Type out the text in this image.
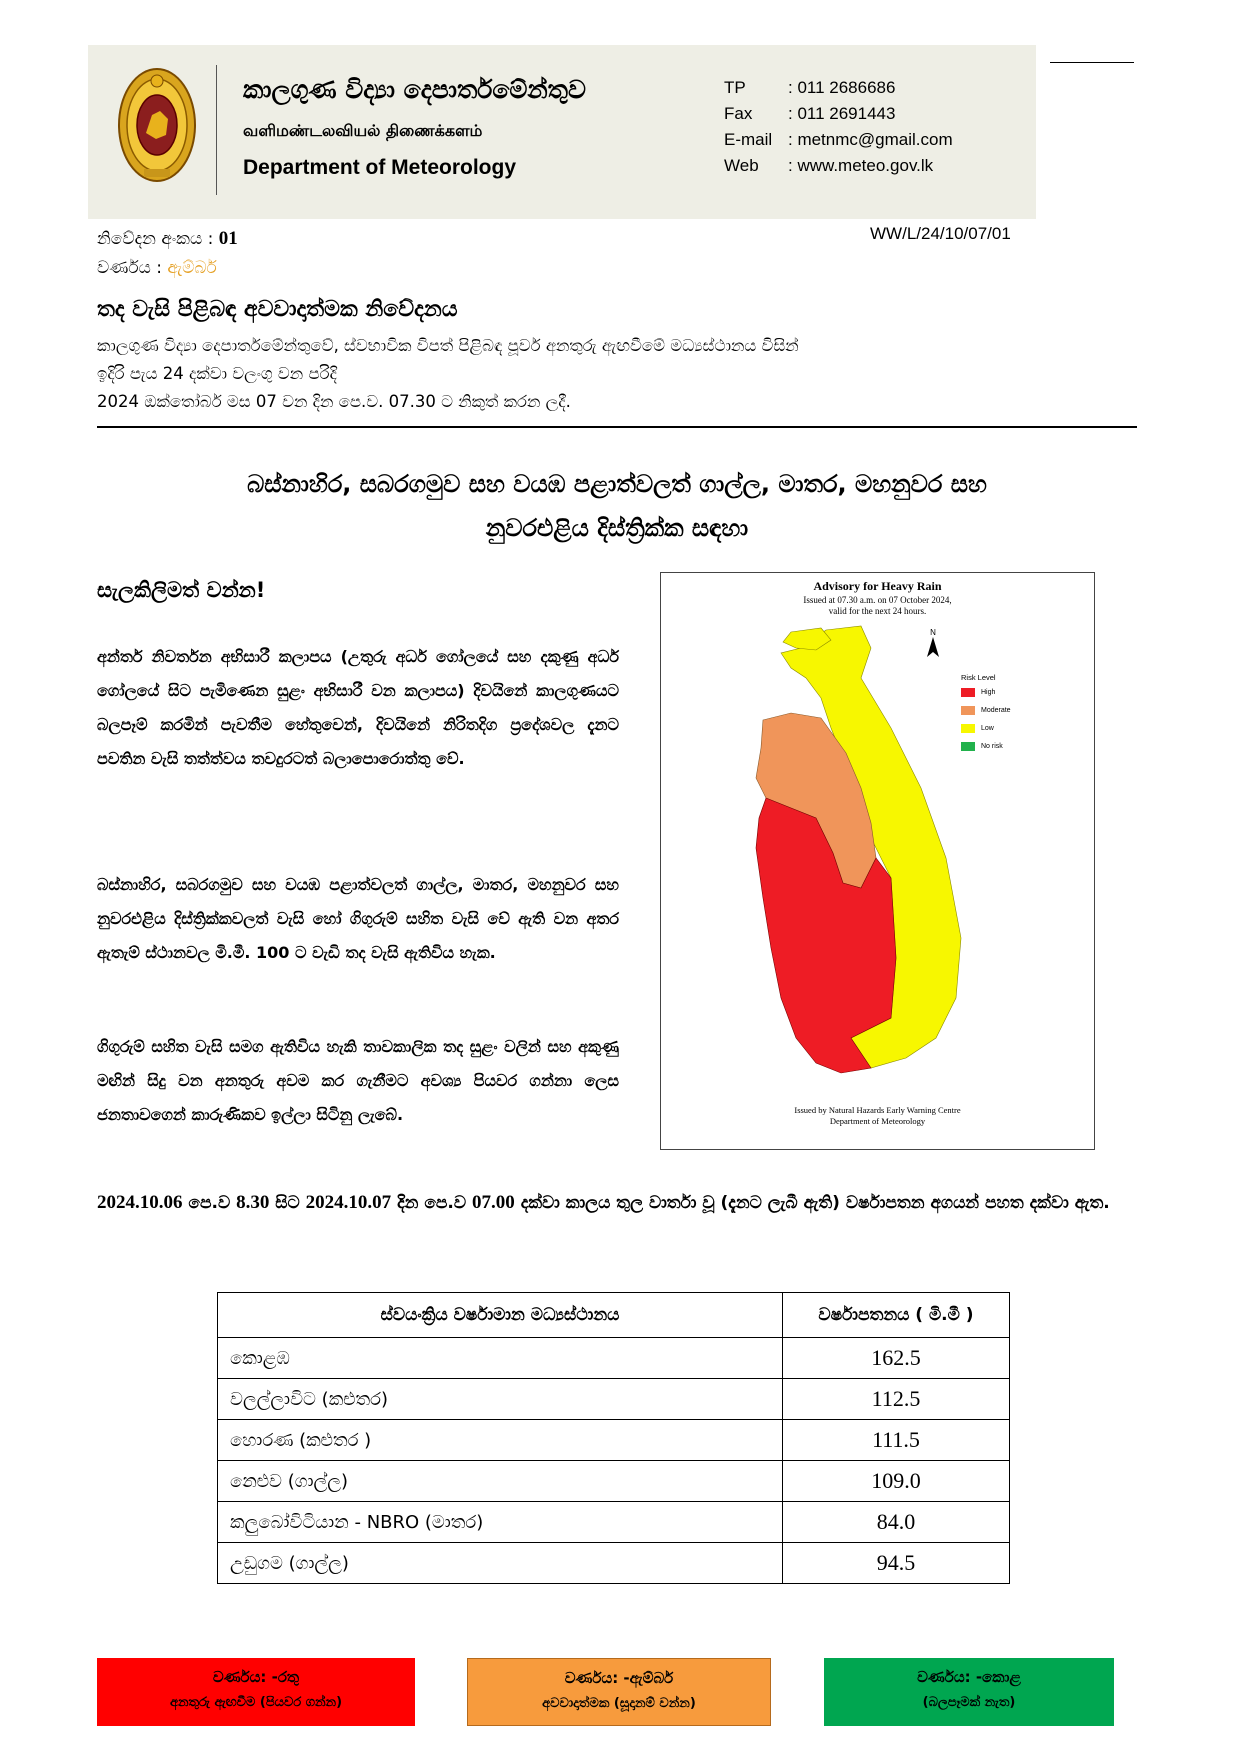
කාලගුණ විද්‍යා දෙපාර්තමේන්තුව
வளிமண்டலவியல் திணைக்களம்
Department of Meteorology
TP	: 011 2686686
Fax	: 011 2691443
E-mail : metnmc@gmail.com
Web	: www.meteo.gov.lk
නිවේදන අංකය : 01
වර්ණය : ඇම්බර්
WW/L/24/10/07/01
තද වැසි පිළිබඳ අවවාදාත්මක නිවේදනය
කාලගුණ විද්‍යා දෙපාර්තමේන්තුවේ, ස්වභාවික විපත් පිළිබඳ පූර්ව අනතුරු ඇඟවීමේ මධ්‍යස්ථානය විසින්
ඉදිරි පැය 24 දක්වා වලංගු වන පරිදි
2024 ඔක්තෝබර් මස 07 වන දින පෙ.ව. 07.30 ට නිකුත් කරන ලදී.
බස්නාහිර, සබරගමුව සහ වයඹ පළාත්වලත් ගාල්ල, මාතර, මහනුවර සහ
නුවරඑළිය දිස්ත්‍රික්ක සඳහා
සැලකිලිමත් වන්න!
අන්තර් නිවර්තන අභිසාරී කලාපය (උතුරු අර්ධ ගෝලයේ සහ දකුණු අර්ධ ගෝලයේ සිට පැමිණෙන සුළං අභිසාරී වන කලාපය) දිවයිනේ කාලගුණයට බලපෑම් කරමින් පැවතීම හේතුවෙන්, දිවයිනේ නිරිතදිග ප්‍රදේශවල දැනට පවතින වැසි තත්ත්වය තවදුරටත් බලාපොරොත්තු වේ.
බස්නාහිර, සබරගමුව සහ වයඹ පළාත්වලත් ගාල්ල, මාතර, මහනුවර සහ නුවරඑළිය දිස්ත්‍රික්කවලත් වැසි හෝ ගිගුරුම් සහිත වැසි වේ ඇති වන අතර ඇතැම් ස්ථානවල මි.මී. 100 ට වැඩි තද වැසි ඇතිවිය හැක.
ගිගුරුම් සහිත වැසි සමග ඇතිවිය හැකි තාවකාලික තද සුළං වලින් සහ අකුණු මඟින් සිදු වන අනතුරු අවම කර ගැනීමට අවශ්‍ය පියවර ගන්නා ලෙස ජනතාවගෙන් කාරුණිකව ඉල්ලා සිටිනු ලැබේ.
Advisory for Heavy Rain
Issued at 07.30 a.m. on 07 October 2024,
valid for the next 24 hours.
N
Risk Level
High
Moderate
Low
No risk
Issued by Natural Hazards Early Warning Centre
Department of Meteorology
2024.10.06 පෙ.ව 8.30 සිට 2024.10.07 දින පෙ.ව 07.00 දක්වා කාලය තුල වාර්තා වූ (දැනට ලැබී ඇති) වර්ෂාපතන අගයන් පහත දක්වා ඇත.
ස්වයංක්‍රිය වර්ෂාමාන මධ්‍යස්ථානය	වර්ෂාපතනය ( මි.මී )
කොළඹ	162.5
වලල්ලාවිට (කළුතර)	112.5
හොරණ (කළුතර )	111.5
නෙළුව (ගාල්ල)	109.0
කලුබෝවිටියාන - NBRO (මාතර)	84.0
උඩුගම (ගාල්ල)	94.5
වර්ණය: -රතු
අනතුරු ඇඟවීම (පියවර ගන්න)
වර්ණය: -ඇම්බර්
අවවාදාත්මක (සූදානම් වන්න)
වර්ණය: -කොළ
(බලපෑමක් නැත)
